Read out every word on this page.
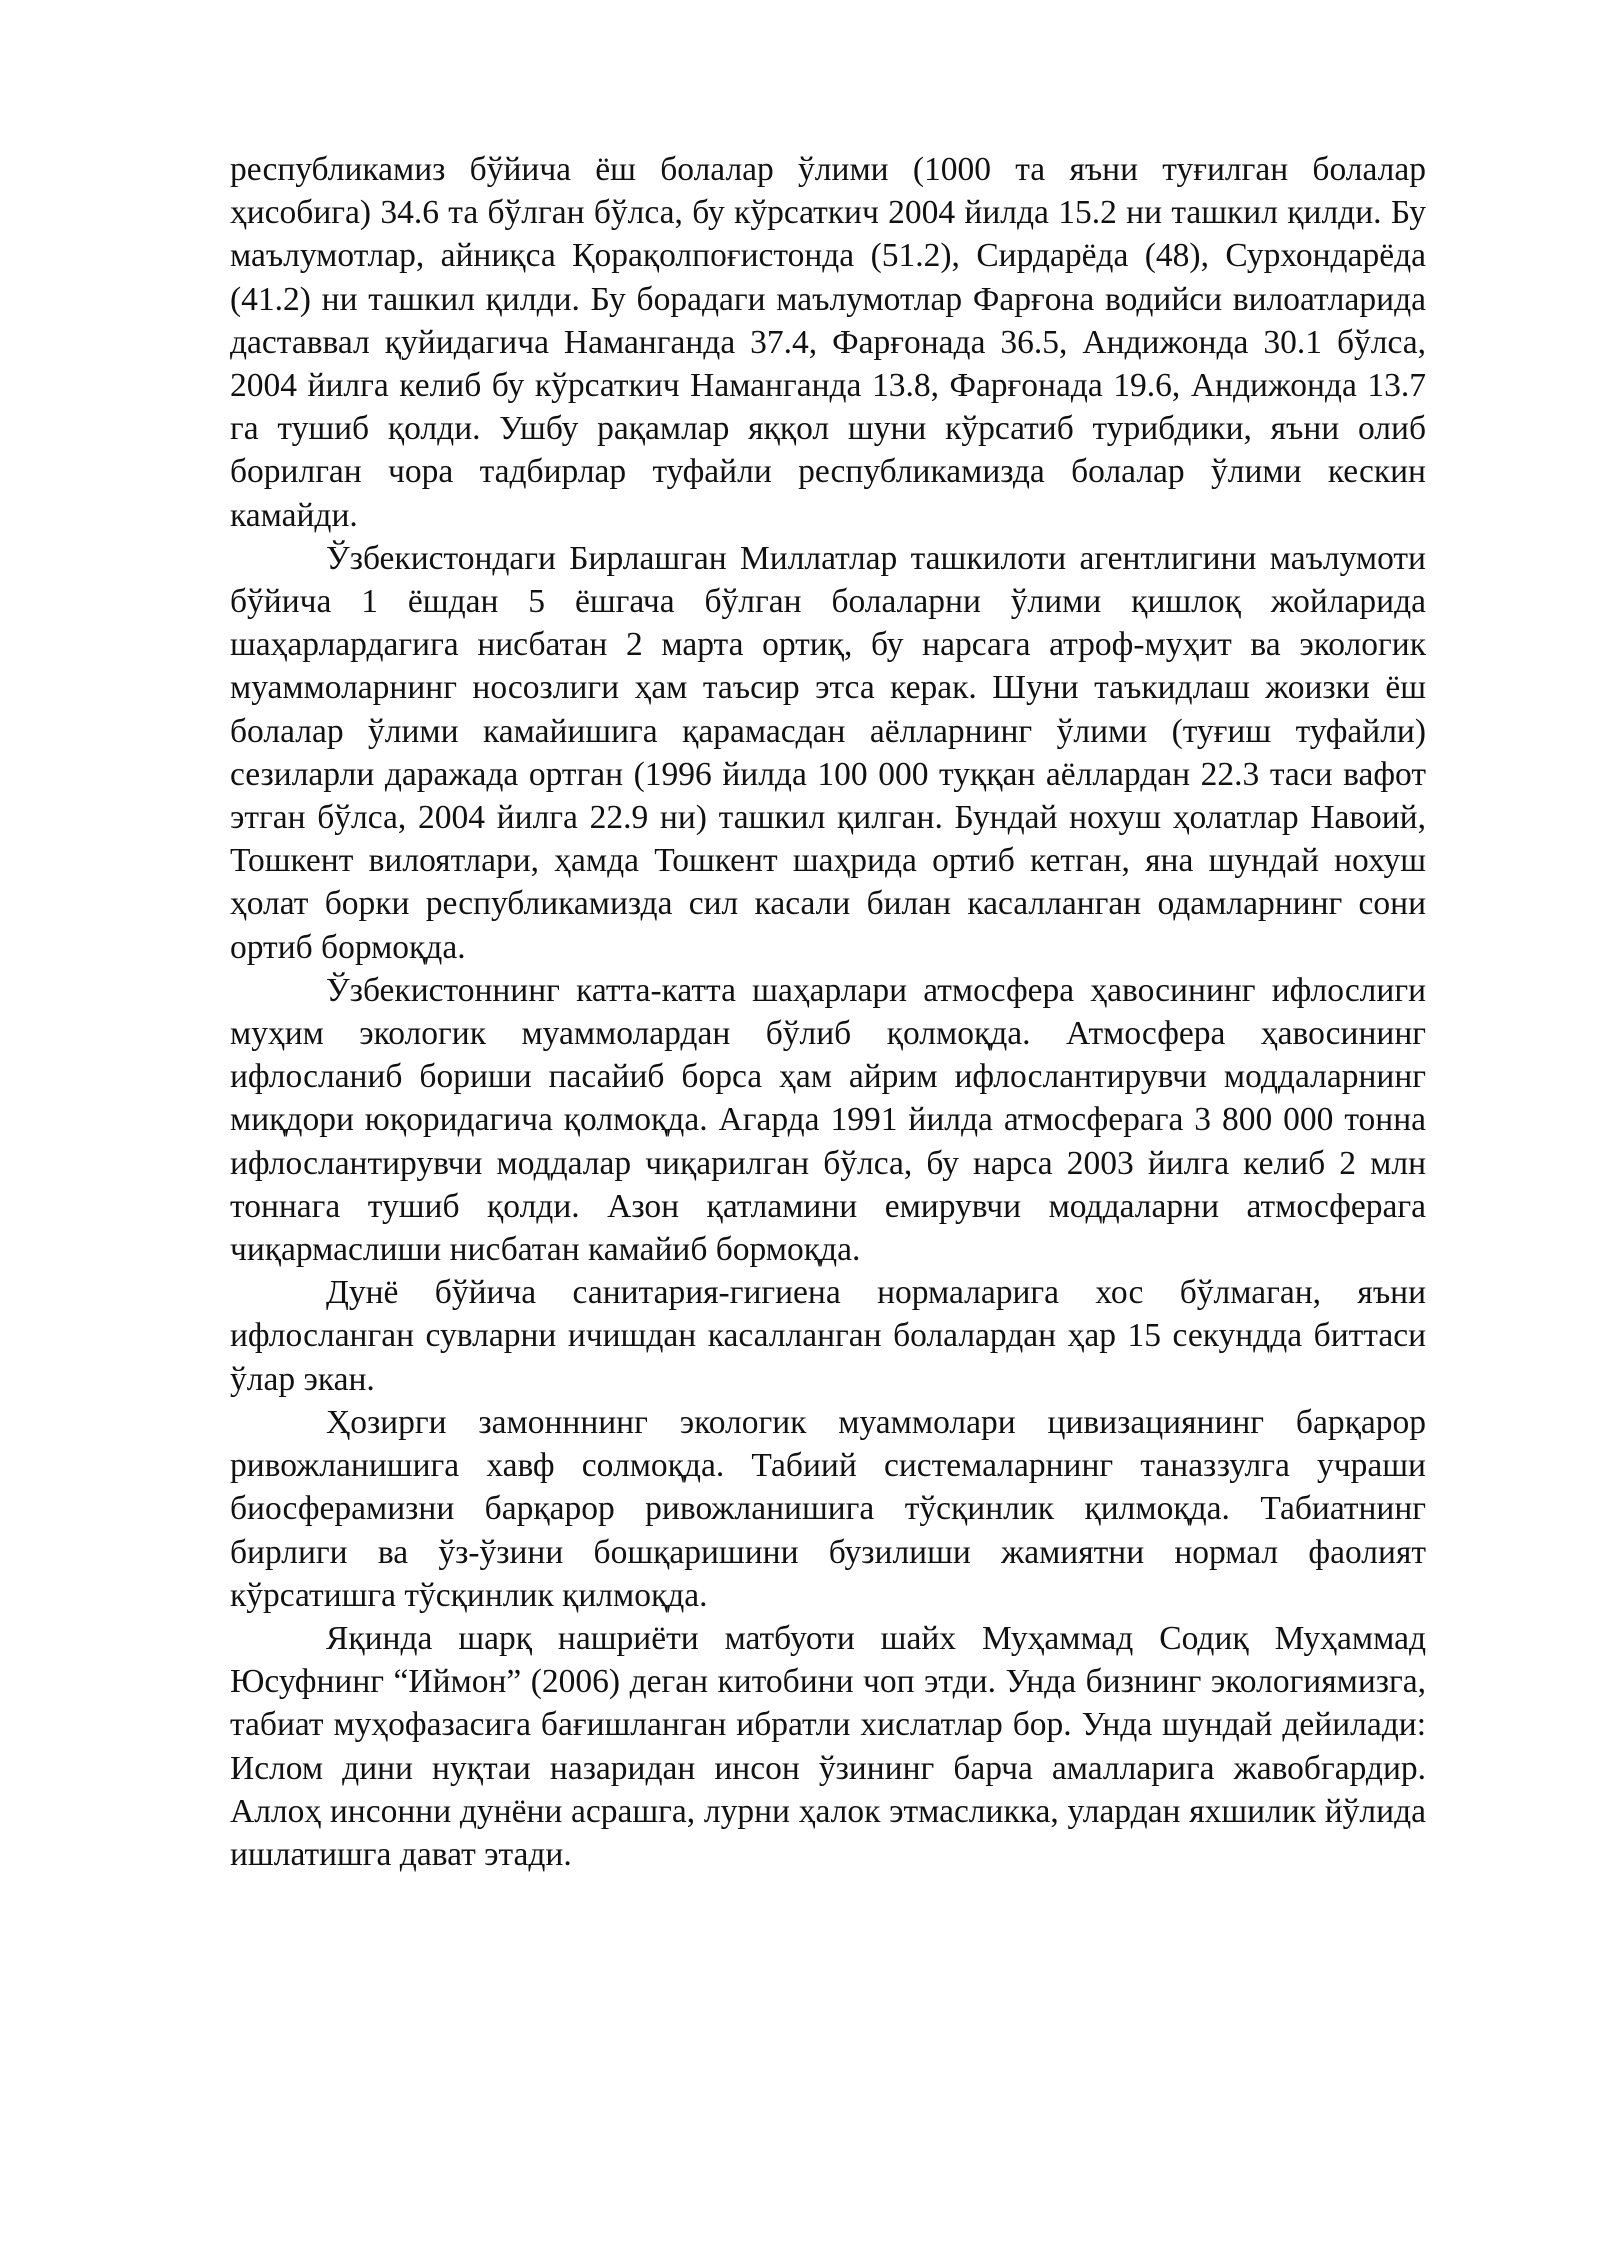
республикамиз бўйича ёш болалар ўлими (1000 та яъни туғилган болалар ҳисобига) 34.6 та бўлган бўлса, бу кўрсаткич 2004 йилда 15.2 ни ташкил қилди. Бу маълумотлар, айниқса Қорақолпоғистонда (51.2), Сирдарёда (48), Сурхондарёда (41.2) ни ташкил қилди. Бу борадаги маълумотлар Фарғона водийси вилоатларида даставвал қуйидагича Наманганда 37.4, Фарғонада 36.5, Андижонда 30.1 бўлса, 2004 йилга келиб бу кўрсаткич Наманганда 13.8, Фарғонада 19.6, Андижонда 13.7 га тушиб қолди. Ушбу рақамлар яққол шуни кўрсатиб турибдики, яъни олиб борилган чора тадбирлар туфайли республикамизда болалар ўлими кескин камайди.

Ўзбекистондаги Бирлашган Миллатлар ташкилоти агентлигини маълумоти бўйича 1 ёшдан 5 ёшгача бўлган болаларни ўлими қишлоқ жойларида шаҳарлардагига нисбатан 2 марта ортиқ, бу нарсага атроф-муҳит ва экологик муаммоларнинг носозлиги ҳам таъсир этса керак. Шуни таъкидлаш жоизки ёш болалар ўлими камайишига қарамасдан аёлларнинг ўлими (туғиш туфайли) сезиларли даражада ортган (1996 йилда 100 000 туққан аёллардан 22.3 таси вафот этган бўлса, 2004 йилга 22.9 ни) ташкил қилган. Бундай нохуш ҳолатлар Навоий, Тошкент вилоятлари, ҳамда Тошкент шаҳрида ортиб кетган, яна шундай нохуш ҳолат борки республикамизда сил касали билан касалланган одамларнинг сони ортиб бормоқда.

Ўзбекистоннинг катта-катта шаҳарлари атмосфера ҳавосининг ифлослиги муҳим экологик муаммолардан бўлиб қолмоқда. Атмосфера ҳавосининг ифлосланиб бориши пасайиб борса ҳам айрим ифлослантирувчи моддаларнинг миқдори юқоридагича қолмоқда. Агарда 1991 йилда атмосферага 3 800 000 тонна ифлослантирувчи моддалар чиқарилган бўлса, бу нарса 2003 йилга келиб 2 млн тоннага тушиб қолди. Азон қатламини емирувчи моддаларни атмосферага чиқармаслиши нисбатан камайиб бормоқда.

Дунё бўйича санитария-гигиена нормаларига хос бўлмаган, яъни ифлосланган сувларни ичишдан касалланган болалардан ҳар 15 секундда биттаси ўлар экан.

Ҳозирги замонннинг экологик муаммолари цивизациянинг барқарор ривожланишига хавф солмоқда. Табиий системаларнинг таназзулга учраши биосферамизни барқарор ривожланишига тўсқинлик қилмоқда. Табиатнинг бирлиги ва ўз-ўзини бошқаришини бузилиши жамиятни нормал фаолият кўрсатишга тўсқинлик қилмоқда.

Яқинда шарқ нашриёти матбуоти шайх Муҳаммад Содиқ Муҳаммад Юсуфнинг “Иймон” (2006) деган китобини чоп этди. Унда бизнинг экологиямизга, табиат муҳофазасига бағишланган ибратли хислатлар бор. Унда шундай дейилади: Ислом дини нуқтаи назаридан инсон ўзининг барча амалларига жавобгардир. Аллоҳ инсонни дунёни асрашга, лурни ҳалок этмасликка, улардан яхшилик йўлида ишлатишга дават этади.
